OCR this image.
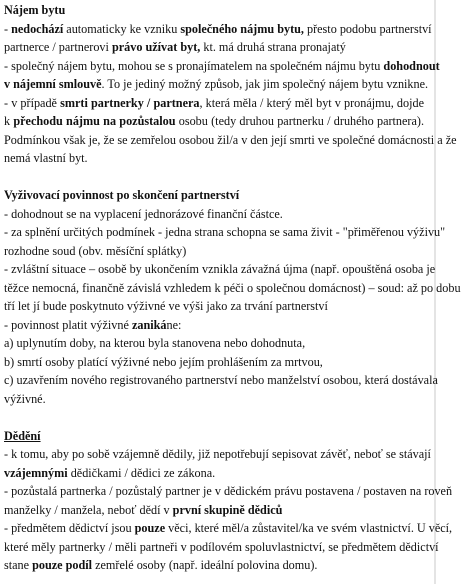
Nájem bytu
- nedochází automaticky ke vzniku společného nájmu bytu, přesto podobu partnerství
partnerce / partnerovi právo užívat byt, kt. má druhá strana pronajatý
- společný nájem bytu, mohou se s pronajímatelem na společném nájmu bytu dohodnout
v nájemní smlouvě. To je jediný možný způsob, jak jim společný nájem bytu vznikne.
- v případě smrti partnerky / partnera, která měla / který měl byt v pronájmu, dojde
k přechodu nájmu na pozůstalou osobu (tedy druhou partnerku / druhého partnera).
Podmínkou však je, že se zemřelou osobou žil/a v den její smrti ve společné domácnosti a že
nemá vlastní byt.
Vyživovací povinnost po skončení partnerství
- dohodnout se na vyplacení jednorázové finanční částce.
- za splnění určitých podmínek - jedna strana schopna se sama živit - "přiměřenou výživu"
rozhodne soud (obv. měsíční splátky)
- zvláštní situace – osobě by ukončením vznikla závažná újma (např. opouštěná osoba je
těžce nemocná, finančně závislá vzhledem k péči o společnou domácnost) – soud: až po dobu
tří let jí bude poskytnuto výživné ve výši jako za trvání partnerství
- povinnost platit výživné zanikáne:
a) uplynutím doby, na kterou byla stanovena nebo dohodnuta,
b) smrtí osoby platící výživné nebo jejím prohlášením za mrtvou,
c) uzavřením nového registrovaného partnerství nebo manželství osobou, která dostávala
výživné.
Dědění
- k tomu, aby po sobě vzájemně dědily, již nepotřebují sepisovat závěť, neboť se stávají
vzájemnými dědičkami / dědici ze zákona.
- pozůstalá partnerka / pozůstalý partner je v dědickém právu postavena / postaven na roveň
manželky / manžela, neboť dědí v první skupině dědiců
- předmětem dědictví jsou pouze věci, které měl/a zůstavitel/ka ve svém vlastnictví. U věcí,
které měly partnerky / měli partneři v podílovém spoluvlastnictví, se předmětem dědictví
stane pouze podíl zemřelé osoby (např. ideální polovina domu).
